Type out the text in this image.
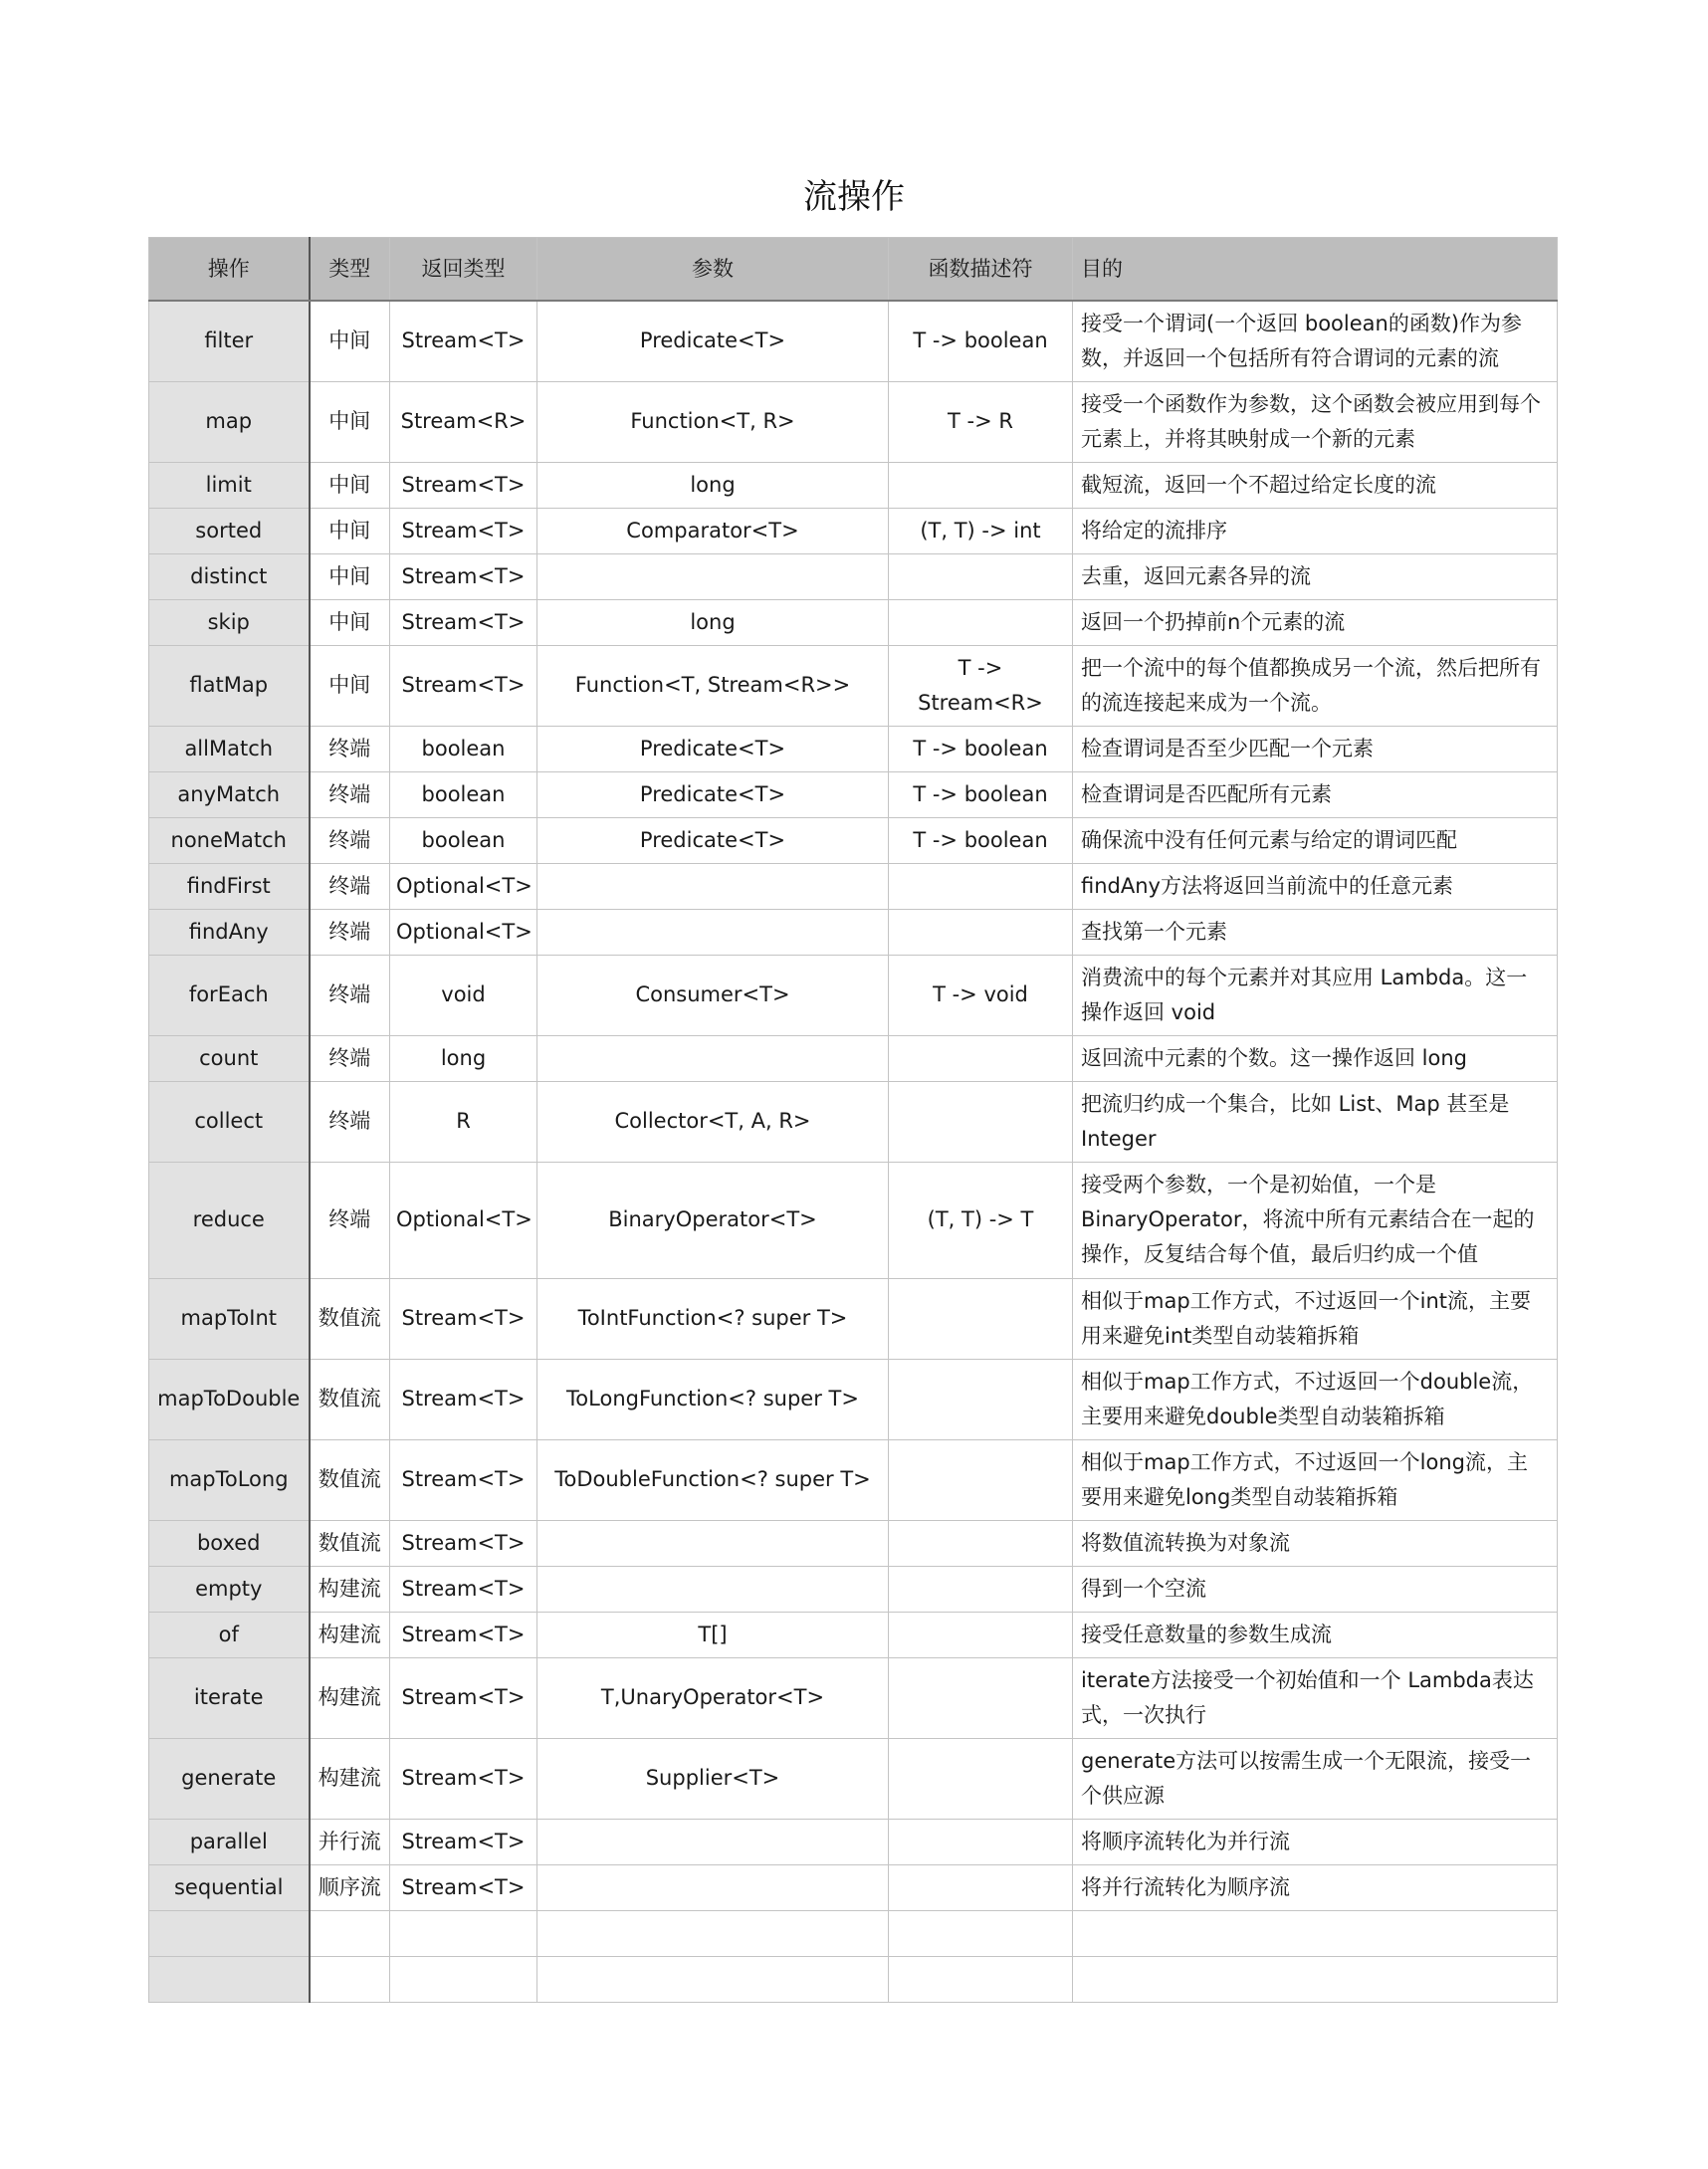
流操作
操作	类型	返回类型	参数	函数描述符	目的
filter	中间	Stream<T>	Predicate<T>	T -> boolean	接受一个谓词(一个返回 boolean的函数)作为参数，并返回一个包括所有符合谓词的元素的流
map	中间	Stream<R>	Function<T, R>	T -> R	接受一个函数作为参数，这个函数会被应用到每个元素上，并将其映射成一个新的元素
limit	中间	Stream<T>	long		截短流，返回一个不超过给定长度的流
sorted	中间	Stream<T>	Comparator<T>	(T, T) -> int	将给定的流排序
distinct	中间	Stream<T>			去重，返回元素各异的流
skip	中间	Stream<T>	long		返回一个扔掉前n个元素的流
flatMap	中间	Stream<T>	Function<T, Stream<R>>	T -> Stream<R>	把一个流中的每个值都换成另一个流，然后把所有的流连接起来成为一个流。
allMatch	终端	boolean	Predicate<T>	T -> boolean	检查谓词是否至少匹配一个元素
anyMatch	终端	boolean	Predicate<T>	T -> boolean	检查谓词是否匹配所有元素
noneMatch	终端	boolean	Predicate<T>	T -> boolean	确保流中没有任何元素与给定的谓词匹配
findFirst	终端	Optional<T>			findAny方法将返回当前流中的任意元素
findAny	终端	Optional<T>			查找第一个元素
forEach	终端	void	Consumer<T>	T -> void	消费流中的每个元素并对其应用 Lambda。这一操作返回 void
count	终端	long			返回流中元素的个数。这一操作返回 long
collect	终端	R	Collector<T, A, R>		把流归约成一个集合，比如 List、Map 甚至是 Integer
reduce	终端	Optional<T>	BinaryOperator<T>	(T, T) -> T	接受两个参数，一个是初始值，一个是BinaryOperator，将流中所有元素结合在一起的操作，反复结合每个值，最后归约成一个值
mapToInt	数值流	Stream<T>	ToIntFunction<? super T>		相似于map工作方式，不过返回一个int流，主要用来避免int类型自动装箱拆箱
mapToDouble	数值流	Stream<T>	ToLongFunction<? super T>		相似于map工作方式，不过返回一个double流，主要用来避免double类型自动装箱拆箱
mapToLong	数值流	Stream<T>	ToDoubleFunction<? super T>		相似于map工作方式，不过返回一个long流，主要用来避免long类型自动装箱拆箱
boxed	数值流	Stream<T>			将数值流转换为对象流
empty	构建流	Stream<T>			得到一个空流
of	构建流	Stream<T>	T[]		接受任意数量的参数生成流
iterate	构建流	Stream<T>	T,UnaryOperator<T>		iterate方法接受一个初始值和一个 Lambda表达式，一次执行
generate	构建流	Stream<T>	Supplier<T>		generate方法可以按需生成一个无限流，接受一个供应源
parallel	并行流	Stream<T>			将顺序流转化为并行流
sequential	顺序流	Stream<T>			将并行流转化为顺序流
